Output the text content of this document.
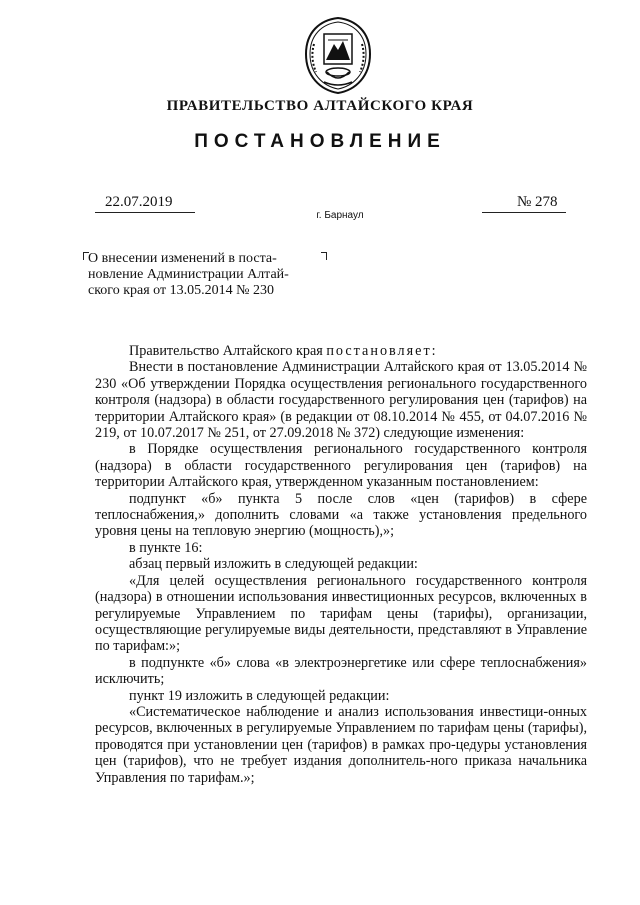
ПРАВИТЕЛЬСТВО АЛТАЙСКОГО КРАЯ
ПОСТАНОВЛЕНИЕ
22.07.2019	№ 278
г. Барнаул
О внесении изменений в поста-
новление Администрации Алтай-
ского края от 13.05.2014 № 230

Правительство Алтайского края постановляет:

Внести в постановление Администрации Алтайского края от 13.05.2014 № 230 «Об утверждении Порядка осуществления регионального государственного контроля (надзора) в области государственного регулирования цен (тарифов) на территории Алтайского края» (в редакции от 08.10.2014 № 455, от 04.07.2016 № 219, от 10.07.2017 № 251, от 27.09.2018 № 372) следующие изменения:

в Порядке осуществления регионального государственного контроля (надзора) в области государственного регулирования цен (тарифов) на территории Алтайского края, утвержденном указанным постановлением:

подпункт «б» пункта 5 после слов «цен (тарифов) в сфере теплоснабжения,» дополнить словами «а также установления предельного уровня цены на тепловую энергию (мощность),»;

в пункте 16:

абзац первый изложить в следующей редакции:

«Для целей осуществления регионального государственного контроля (надзора) в отношении использования инвестиционных ресурсов, включенных в регулируемые Управлением по тарифам цены (тарифы), организации, осуществляющие регулируемые виды деятельности, представляют в Управление по тарифам:»;

в подпункте «б» слова «в электроэнергетике или сфере теплоснабжения» исключить;

пункт 19 изложить в следующей редакции:

«Систематическое наблюдение и анализ использования инвестици-онных ресурсов, включенных в регулируемые Управлением по тарифам цены (тарифы), проводятся при установлении цен (тарифов) в рамках про-цедуры установления цен (тарифов), что не требует издания дополнитель-ного приказа начальника Управления по тарифам.»;
